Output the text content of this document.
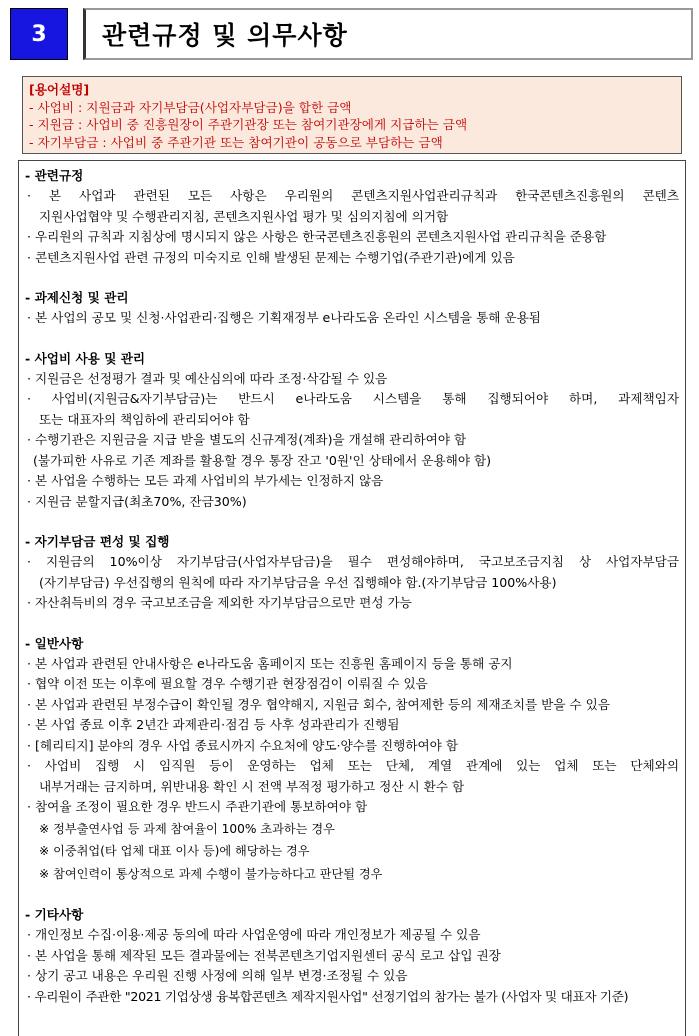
3	관련규정 및 의무사항
[용어설명]
- 사업비 : 지원금과 자기부담금(사업자부담금)을 합한 금액
- 지원금 : 사업비 중 진흥원장이 주관기관장 또는 참여기관장에게 지급하는 금액
- 자기부담금 : 사업비 중 주관기관 또는 참여기관이 공동으로 부담하는 금액
- 관련규정
· 본 사업과 관련된 모든 사항은 우리원의 콘텐츠지원사업관리규칙과 한국콘텐츠진흥원의 콘텐츠
지원사업협약 및 수행관리지침, 콘텐츠지원사업 평가 및 심의지침에 의거함
· 우리원의 규칙과 지침상에 명시되지 않은 사항은 한국콘텐츠진흥원의 콘텐츠지원사업 관리규칙을 준용함
· 콘텐츠지원사업 관련 규정의 미숙지로 인해 발생된 문제는 수행기업(주관기관)에게 있음
- 과제신청 및 관리
· 본 사업의 공모 및 신청·사업관리·집행은 기획재정부 e나라도움 온라인 시스템을 통해 운용됨
- 사업비 사용 및 관리
· 지원금은 선정평가 결과 및 예산심의에 따라 조정·삭감될 수 있음
· 사업비(지원금&자기부담금)는 반드시 e나라도움 시스템을 통해 집행되어야 하며, 과제책임자
또는 대표자의 책임하에 관리되어야 함
· 수행기관은 지원금을 지급 받을 별도의 신규계정(계좌)을 개설해 관리하여야 함
(불가피한 사유로 기존 계좌를 활용할 경우 통장 잔고 '0원'인 상태에서 운용해야 함)
· 본 사업을 수행하는 모든 과제 사업비의 부가세는 인정하지 않음
· 지원금 분할지급(최초70%, 잔금30%)
- 자기부담금 편성 및 집행
· 지원금의 10%이상 자기부담금(사업자부담금)을 필수 편성해야하며, 국고보조금지침 상 사업자부담금
(자기부담금) 우선집행의 원칙에 따라 자기부담금을 우선 집행해야 함.(자기부담금 100%사용)
· 자산취득비의 경우 국고보조금을 제외한 자기부담금으로만 편성 가능
- 일반사항
· 본 사업과 관련된 안내사항은 e나라도움 홈페이지 또는 진흥원 홈페이지 등을 통해 공지
· 협약 이전 또는 이후에 필요할 경우 수행기관 현장점검이 이뤄질 수 있음
· 본 사업과 관련된 부정수급이 확인될 경우 협약해지, 지원금 회수, 참여제한 등의 제재조치를 받을 수 있음
· 본 사업 종료 이후 2년간 과제관리·점검 등 사후 성과관리가 진행됨
· [헤리티지] 분야의 경우 사업 종료시까지 수요처에 양도·양수를 진행하여야 함
· 사업비 집행 시 임직원 등이 운영하는 업체 또는 단체, 계열 관계에 있는 업체 또는 단체와의
내부거래는 금지하며, 위반내용 확인 시 전액 부적정 평가하고 정산 시 환수 함
· 참여율 조정이 필요한 경우 반드시 주관기관에 통보하여야 함
※ 정부출연사업 등 과제 참여율이 100% 초과하는 경우
※ 이중취업(타 업체 대표 이사 등)에 해당하는 경우
※ 참여인력이 통상적으로 과제 수행이 불가능하다고 판단될 경우
- 기타사항
· 개인정보 수집·이용·제공 동의에 따라 사업운영에 따라 개인정보가 제공될 수 있음
· 본 사업을 통해 제작된 모든 결과물에는 전북콘텐츠기업지원센터 공식 로고 삽입 권장
· 상기 공고 내용은 우리원 진행 사정에 의해 일부 변경·조정될 수 있음
· 우리원이 주관한 "2021 기업상생 융복합콘텐츠 제작지원사업" 선정기업의 참가는 불가 (사업자 및 대표자 기준)
